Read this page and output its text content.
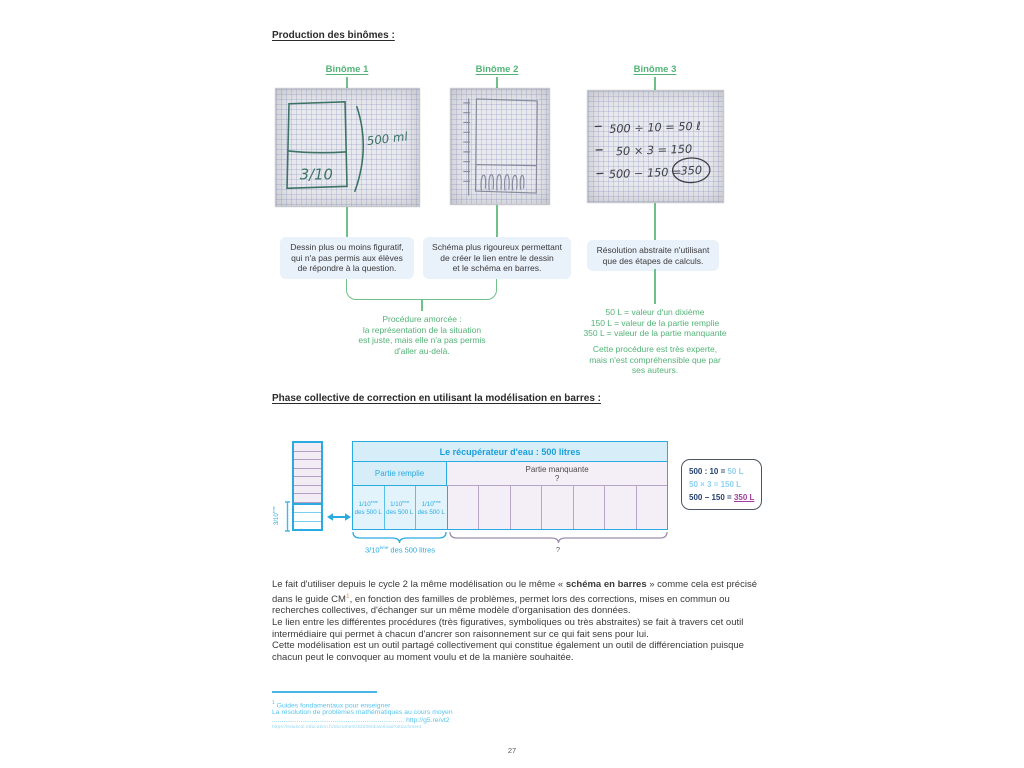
Production des binômes :
Binôme 1	Binôme 2	Binôme 3
3/10
500 ml
500 ÷ 10 = 50 ℓ
50 × 3 = 150
500 − 150 =
350
Dessin plus ou moins figuratif,
qui n'a pas permis aux élèves
de répondre à la question.
Schéma plus rigoureux permettant
de créer le lien entre le dessin
et le schéma en barres.
Résolution abstraite n'utilisant
que des étapes de calculs.
Procédure amorcée :
la représentation de la situation
est juste, mais elle n'a pas permis
d'aller au-delà.
50 L = valeur d'un dixième
150 L = valeur de la partie remplie
350 L = valeur de la partie manquante
Cette procédure est très experte,
mais n'est compréhensible que par
ses auteurs.
Phase collective de correction en utilisant la modélisation en barres :
3/10ème
Le récupérateur d'eau : 500 litres
Partie remplie	Partie manquante
?
1/10ème
des 500 L
1/10ème
des 500 L
1/10ème
des 500 L
3/10ème des 500 litres	?
500 : 10 = 50 L
50 × 3 = 150 L
500 − 150 = 350 L
Le fait d'utiliser depuis le cycle 2 la même modélisation ou le même « schéma en barres » comme cela est précisé dans le guide CM$^1$, en fonction des familles de problèmes, permet lors des corrections, mises en commun ou recherches collectives, d'échanger sur un même modèle d'organisation des données.
Le lien entre les différentes procédures (très figuratives, symboliques ou très abstraites) se fait à travers cet outil intermédiaire qui permet à chacun d'ancrer son raisonnement sur ce qui fait sens pour lui.
Cette modélisation est un outil partagé collectivement qui constitue également un outil de différenciation puisque chacun peut le convoquer au moment voulu et de la manière souhaitée.
$^1$ Guides fondamentaux pour enseigner
La résolution de problèmes mathématiques au cours moyen ...................................................................... http://g5.re/vt2
https://eduscol.education.fr/document/32206/download?attachment
27
